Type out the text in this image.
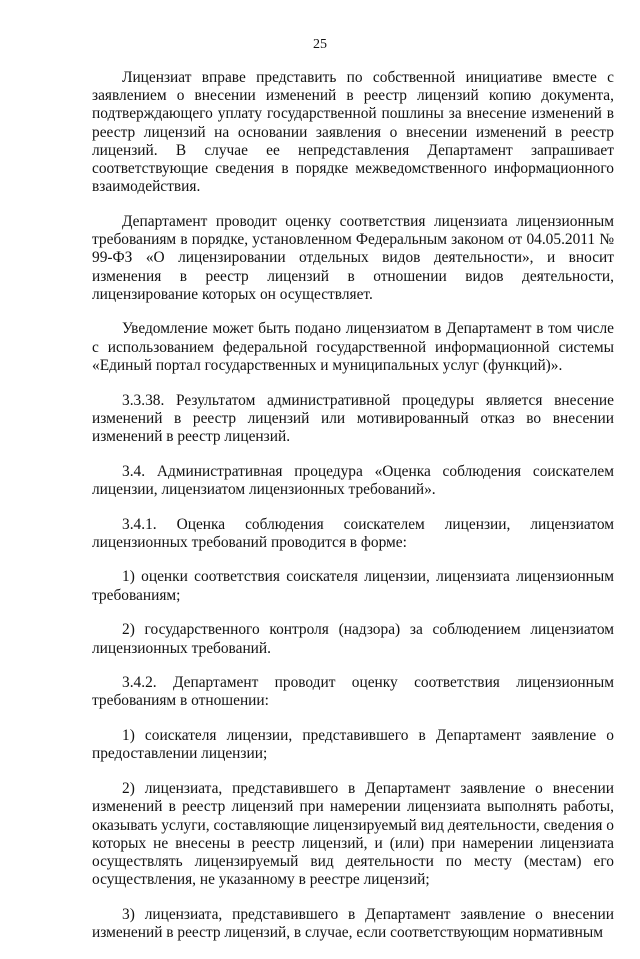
25

Лицензиат вправе представить по собственной инициативе вместе с заявлением о внесении изменений в реестр лицензий копию документа, подтверждающего уплату государственной пошлины за внесение изменений в реестр лицензий на основании заявления о внесении изменений в реестр лицензий. В случае ее непредставления Департамент запрашивает соответствующие сведения в порядке межведомственного информационного взаимодействия.

Департамент проводит оценку соответствия лицензиата лицензионным требованиям в порядке, установленном Федеральным законом от 04.05.2011 № 99-ФЗ «О лицензировании отдельных видов деятельности», и вносит изменения в реестр лицензий в отношении видов деятельности, лицензирование которых он осуществляет.

Уведомление может быть подано лицензиатом в Департамент в том числе с использованием федеральной государственной информационной системы «Единый портал государственных и муниципальных услуг (функций)».

3.3.38. Результатом административной процедуры является внесение изменений в реестр лицензий или мотивированный отказ во внесении изменений в реестр лицензий.

3.4. Административная процедура «Оценка соблюдения соискателем лицензии, лицензиатом лицензионных требований».

3.4.1. Оценка соблюдения соискателем лицензии, лицензиатом лицензионных требований проводится в форме:

1) оценки соответствия соискателя лицензии, лицензиата лицензионным требованиям;

2) государственного контроля (надзора) за соблюдением лицензиатом лицензионных требований.

3.4.2. Департамент проводит оценку соответствия лицензионным требованиям в отношении:

1) соискателя лицензии, представившего в Департамент заявление о предоставлении лицензии;

2) лицензиата, представившего в Департамент заявление о внесении изменений в реестр лицензий при намерении лицензиата выполнять работы, оказывать услуги, составляющие лицензируемый вид деятельности, сведения о которых не внесены в реестр лицензий, и (или) при намерении лицензиата осуществлять лицензируемый вид деятельности по месту (местам) его осуществления, не указанному в реестре лицензий;

3) лицензиата, представившего в Департамент заявление о внесении изменений в реестр лицензий, в случае, если соответствующим нормативным
